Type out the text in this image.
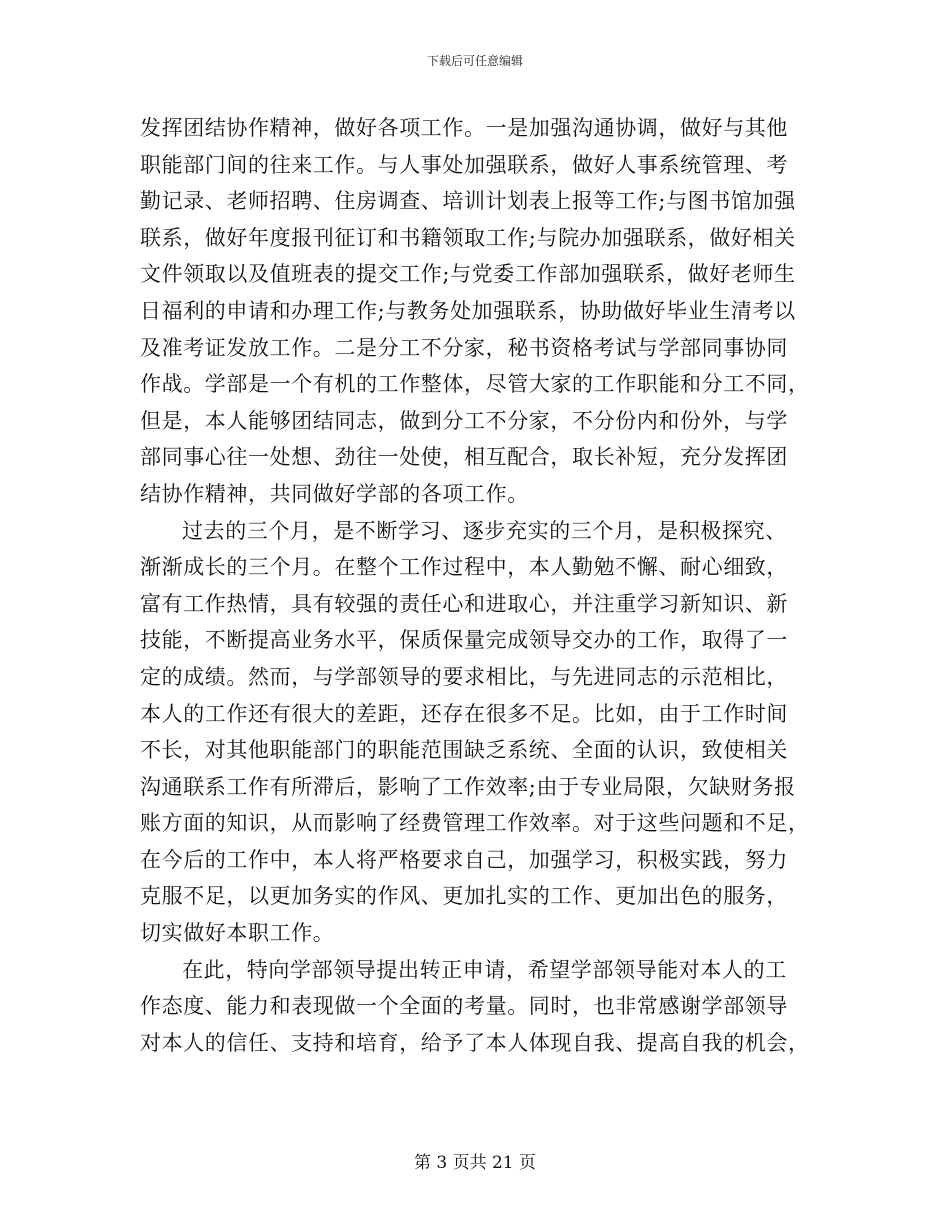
下载后可任意编辑
发挥团结协作精神，做好各项工作。一是加强沟通协调，做好与其他
职能部门间的往来工作。与人事处加强联系，做好人事系统管理、考
勤记录、老师招聘、住房调查、培训计划表上报等工作;与图书馆加强
联系，做好年度报刊征订和书籍领取工作;与院办加强联系，做好相关
文件领取以及值班表的提交工作;与党委工作部加强联系，做好老师生
日福利的申请和办理工作;与教务处加强联系，协助做好毕业生清考以
及准考证发放工作。二是分工不分家，秘书资格考试与学部同事协同
作战。学部是一个有机的工作整体，尽管大家的工作职能和分工不同，
但是，本人能够团结同志，做到分工不分家，不分份内和份外，与学
部同事心往一处想、劲往一处使，相互配合，取长补短，充分发挥团
结协作精神，共同做好学部的各项工作。
过去的三个月，是不断学习、逐步充实的三个月，是积极探究、
渐渐成长的三个月。在整个工作过程中，本人勤勉不懈、耐心细致，
富有工作热情，具有较强的责任心和进取心，并注重学习新知识、新
技能，不断提高业务水平，保质保量完成领导交办的工作，取得了一
定的成绩。然而，与学部领导的要求相比，与先进同志的示范相比，
本人的工作还有很大的差距，还存在很多不足。比如，由于工作时间
不长，对其他职能部门的职能范围缺乏系统、全面的认识，致使相关
沟通联系工作有所滞后，影响了工作效率;由于专业局限，欠缺财务报
账方面的知识，从而影响了经费管理工作效率。对于这些问题和不足，
在今后的工作中，本人将严格要求自己，加强学习，积极实践，努力
克服不足，以更加务实的作风、更加扎实的工作、更加出色的服务，
切实做好本职工作。
在此，特向学部领导提出转正申请，希望学部领导能对本人的工
作态度、能力和表现做一个全面的考量。同时，也非常感谢学部领导
对本人的信任、支持和培育，给予了本人体现自我、提高自我的机会，
第 3 页共 21 页
